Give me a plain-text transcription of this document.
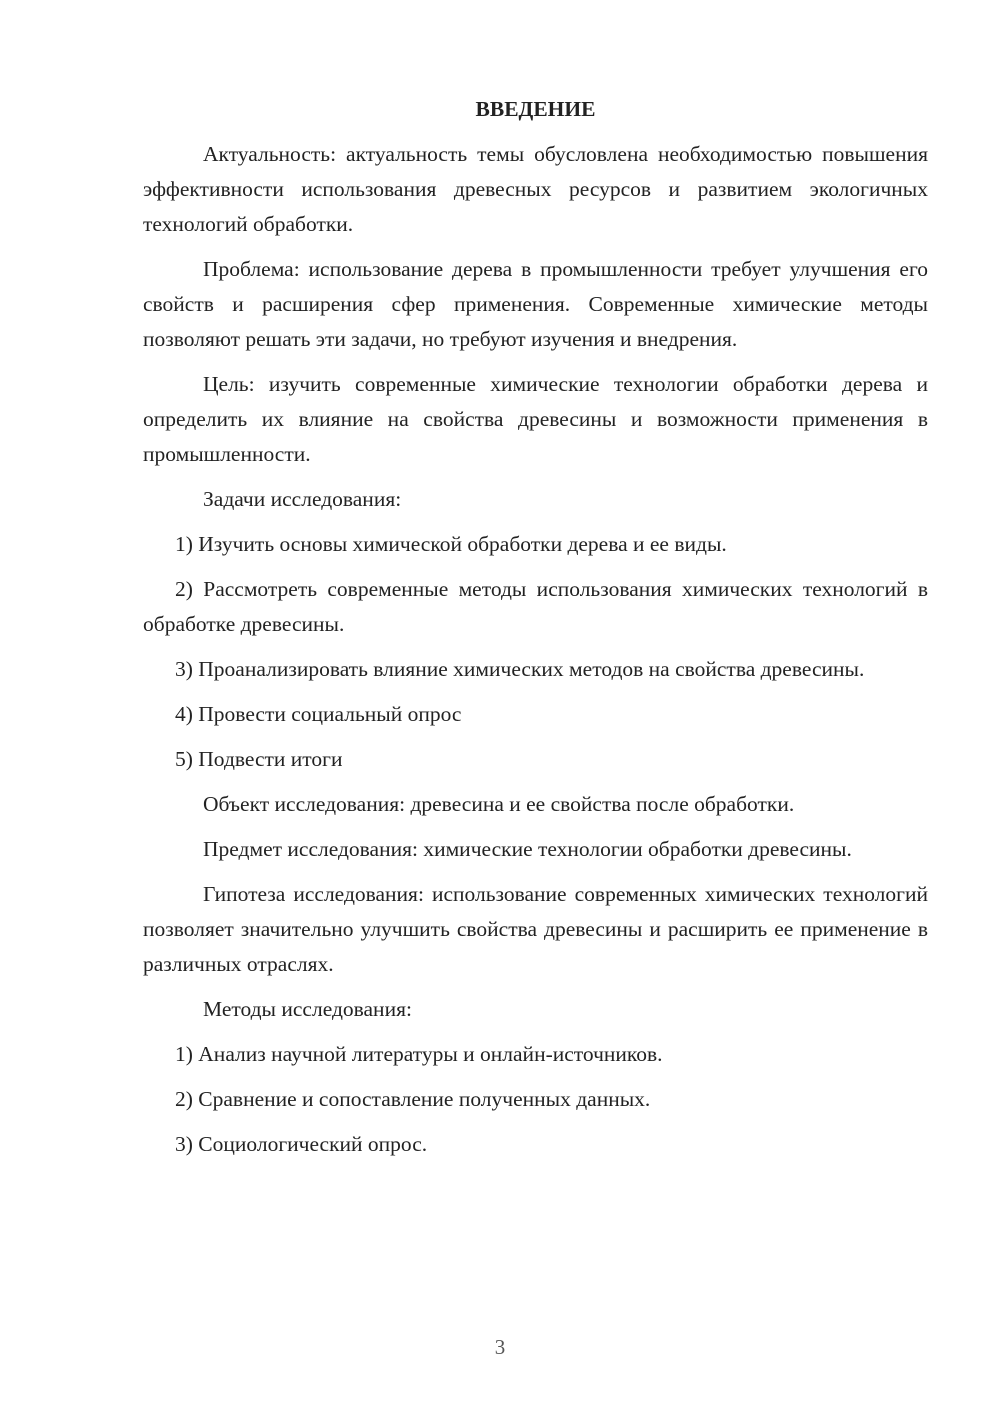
ВВЕДЕНИЕ
Актуальность: актуальность темы обусловлена необходимостью повышения эффективности использования древесных ресурсов и развитием экологичных технологий обработки.
Проблема: использование дерева в промышленности требует улучшения его свойств и расширения сфер применения. Современные химические методы позволяют решать эти задачи, но требуют изучения и внедрения.
Цель: изучить современные химические технологии обработки дерева и определить их влияние на свойства древесины и возможности применения в промышленности.
Задачи исследования:
1) Изучить основы химической обработки дерева и ее виды.
2) Рассмотреть современные методы использования химических технологий в обработке древесины.
3) Проанализировать влияние химических методов на свойства древесины.
4) Провести социальный опрос
5) Подвести итоги
Объект исследования: древесина и ее свойства после обработки.
Предмет исследования: химические технологии обработки древесины.
Гипотеза исследования: использование современных химических технологий позволяет значительно улучшить свойства древесины и расширить ее применение в различных отраслях.
Методы исследования:
1) Анализ научной литературы и онлайн-источников.
2) Сравнение и сопоставление полученных данных.
3) Социологический опрос.
3
